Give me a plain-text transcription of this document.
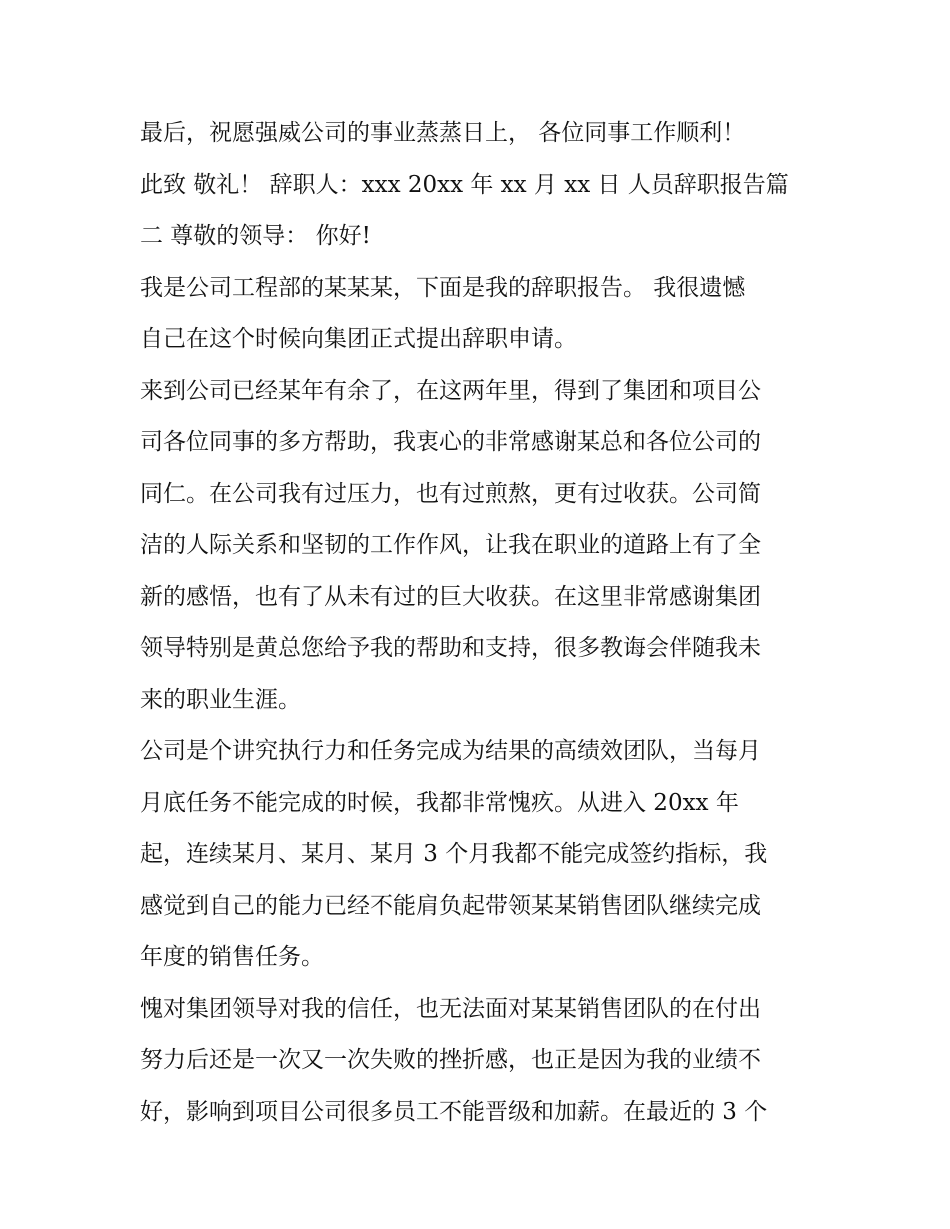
最后，祝愿强威公司的事业蒸蒸日上， 各位同事工作顺利！
此致 敬礼！ 辞职人：xxx 20xx 年 xx 月 xx 日 人员辞职报告篇
二 尊敬的领导： 你好!
我是公司工程部的某某某，下面是我的辞职报告。 我很遗憾
自己在这个时候向集团正式提出辞职申请。
来到公司已经某年有余了，在这两年里，得到了集团和项目公
司各位同事的多方帮助，我衷心的非常感谢某总和各位公司的
同仁。在公司我有过压力，也有过煎熬，更有过收获。公司简
洁的人际关系和坚韧的工作作风，让我在职业的道路上有了全
新的感悟，也有了从未有过的巨大收获。在这里非常感谢集团
领导特别是黄总您给予我的帮助和支持，很多教诲会伴随我未
来的职业生涯。
公司是个讲究执行力和任务完成为结果的高绩效团队，当每月
月底任务不能完成的时候，我都非常愧疚。从进入 20xx 年
起，连续某月、某月、某月 3 个月我都不能完成签约指标，我
感觉到自己的能力已经不能肩负起带领某某销售团队继续完成
年度的销售任务。
愧对集团领导对我的信任，也无法面对某某销售团队的在付出
努力后还是一次又一次失败的挫折感，也正是因为我的业绩不
好，影响到项目公司很多员工不能晋级和加薪。在最近的 3 个
